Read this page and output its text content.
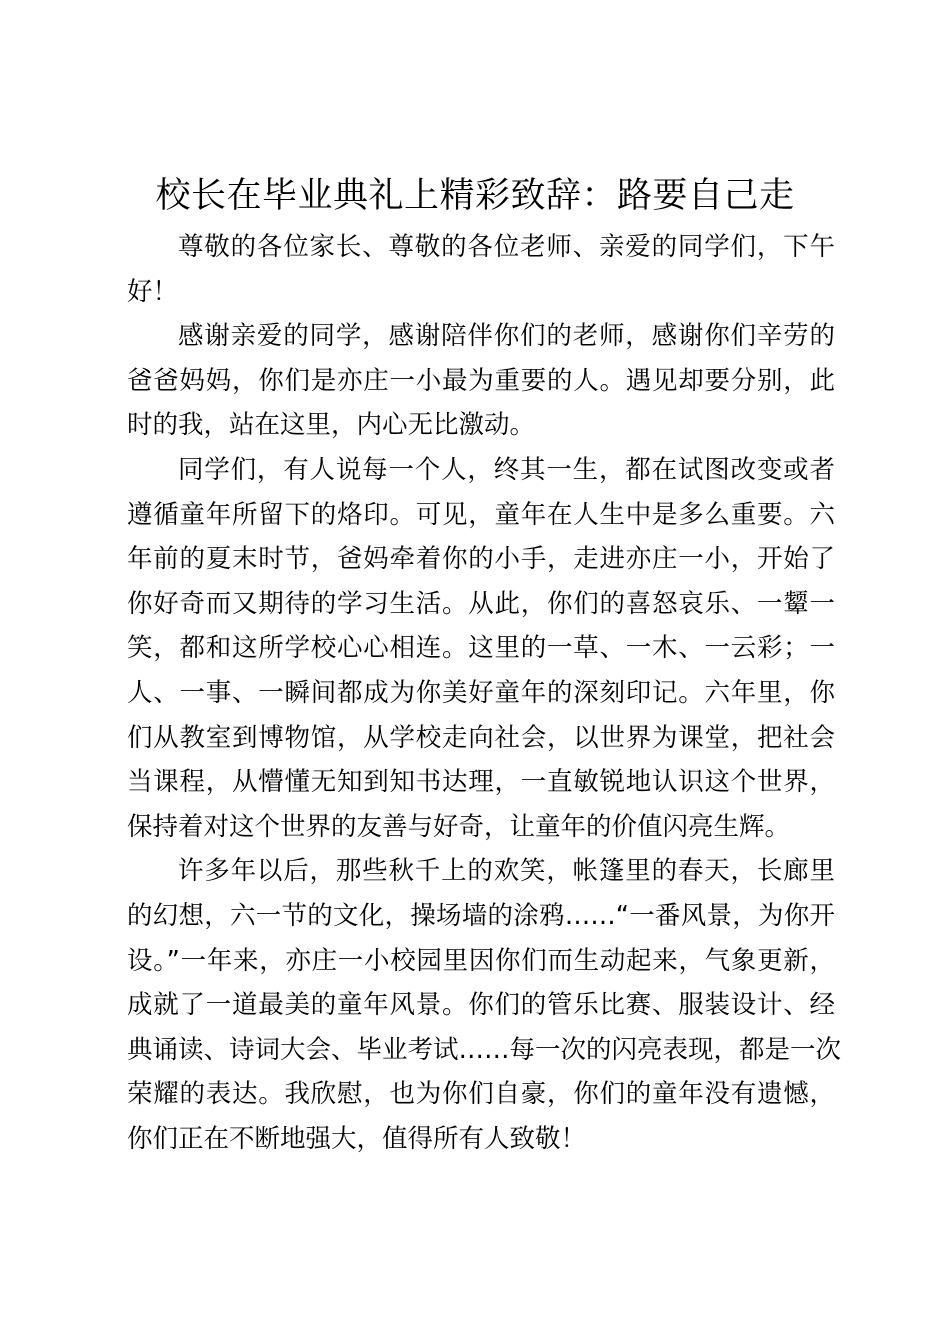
校长在毕业典礼上精彩致辞：路要自己走

尊敬的各位家长、尊敬的各位老师、亲爱的同学们，下午
好！

感谢亲爱的同学，感谢陪伴你们的老师，感谢你们辛劳的
爸爸妈妈，你们是亦庄一小最为重要的人。遇见却要分别，此
时的我，站在这里，内心无比激动。

同学们，有人说每一个人，终其一生，都在试图改变或者
遵循童年所留下的烙印。可见，童年在人生中是多么重要。六
年前的夏末时节，爸妈牵着你的小手，走进亦庄一小，开始了
你好奇而又期待的学习生活。从此，你们的喜怒哀乐、一颦一
笑，都和这所学校心心相连。这里的一草、一木、一云彩；一
人、一事、一瞬间都成为你美好童年的深刻印记。六年里，你
们从教室到博物馆，从学校走向社会，以世界为课堂，把社会
当课程，从懵懂无知到知书达理，一直敏锐地认识这个世界，
保持着对这个世界的友善与好奇，让童年的价值闪亮生辉。

许多年以后，那些秋千上的欢笑，帐篷里的春天，长廊里
的幻想，六一节的文化，操场墙的涂鸦……“一番风景，为你开
设。”一年来，亦庄一小校园里因你们而生动起来，气象更新，
成就了一道最美的童年风景。你们的管乐比赛、服装设计、经
典诵读、诗词大会、毕业考试……每一次的闪亮表现，都是一次
荣耀的表达。我欣慰，也为你们自豪，你们的童年没有遗憾，
你们正在不断地强大，值得所有人致敬！
